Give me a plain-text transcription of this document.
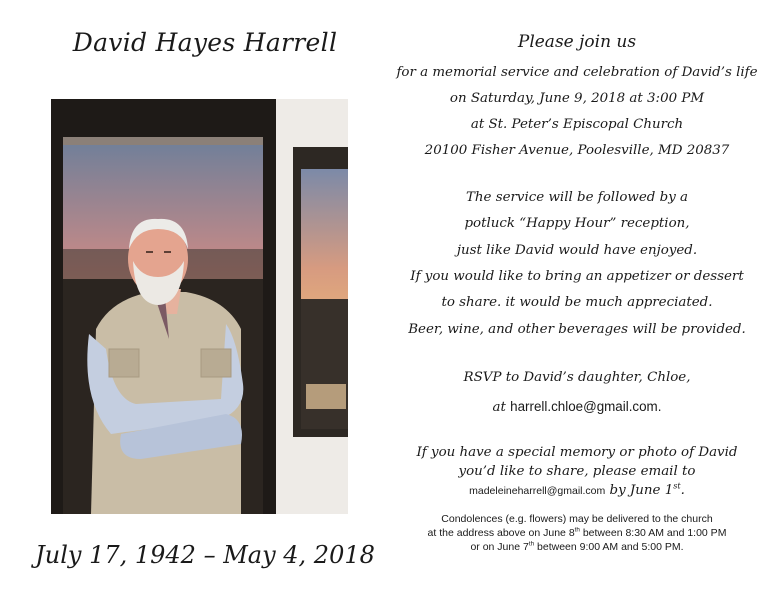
David Hayes Harrell
July 17, 1942 – May 4, 2018
Please join us
for a memorial service and celebration of David’s life
on Saturday, June 9, 2018 at 3:00 PM
at St. Peter’s Episcopal Church
20100 Fisher Avenue, Poolesville, MD 20837
The service will be followed by a
potluck “Happy Hour” reception,
just like David would have enjoyed.
If you would like to bring an appetizer or dessert
to share. it would be much appreciated.
Beer, wine, and other beverages will be provided.
RSVP to David’s daughter, Chloe,
at harrell.chloe@gmail.com.
If you have a special memory or photo of David
you’d like to share, please email to
madeleineharrell@gmail.com by June 1st.
Condolences (e.g. flowers) may be delivered to the church
at the address above on June 8th between 8:30 AM and 1:00 PM
or on June 7th between 9:00 AM and 5:00 PM.
